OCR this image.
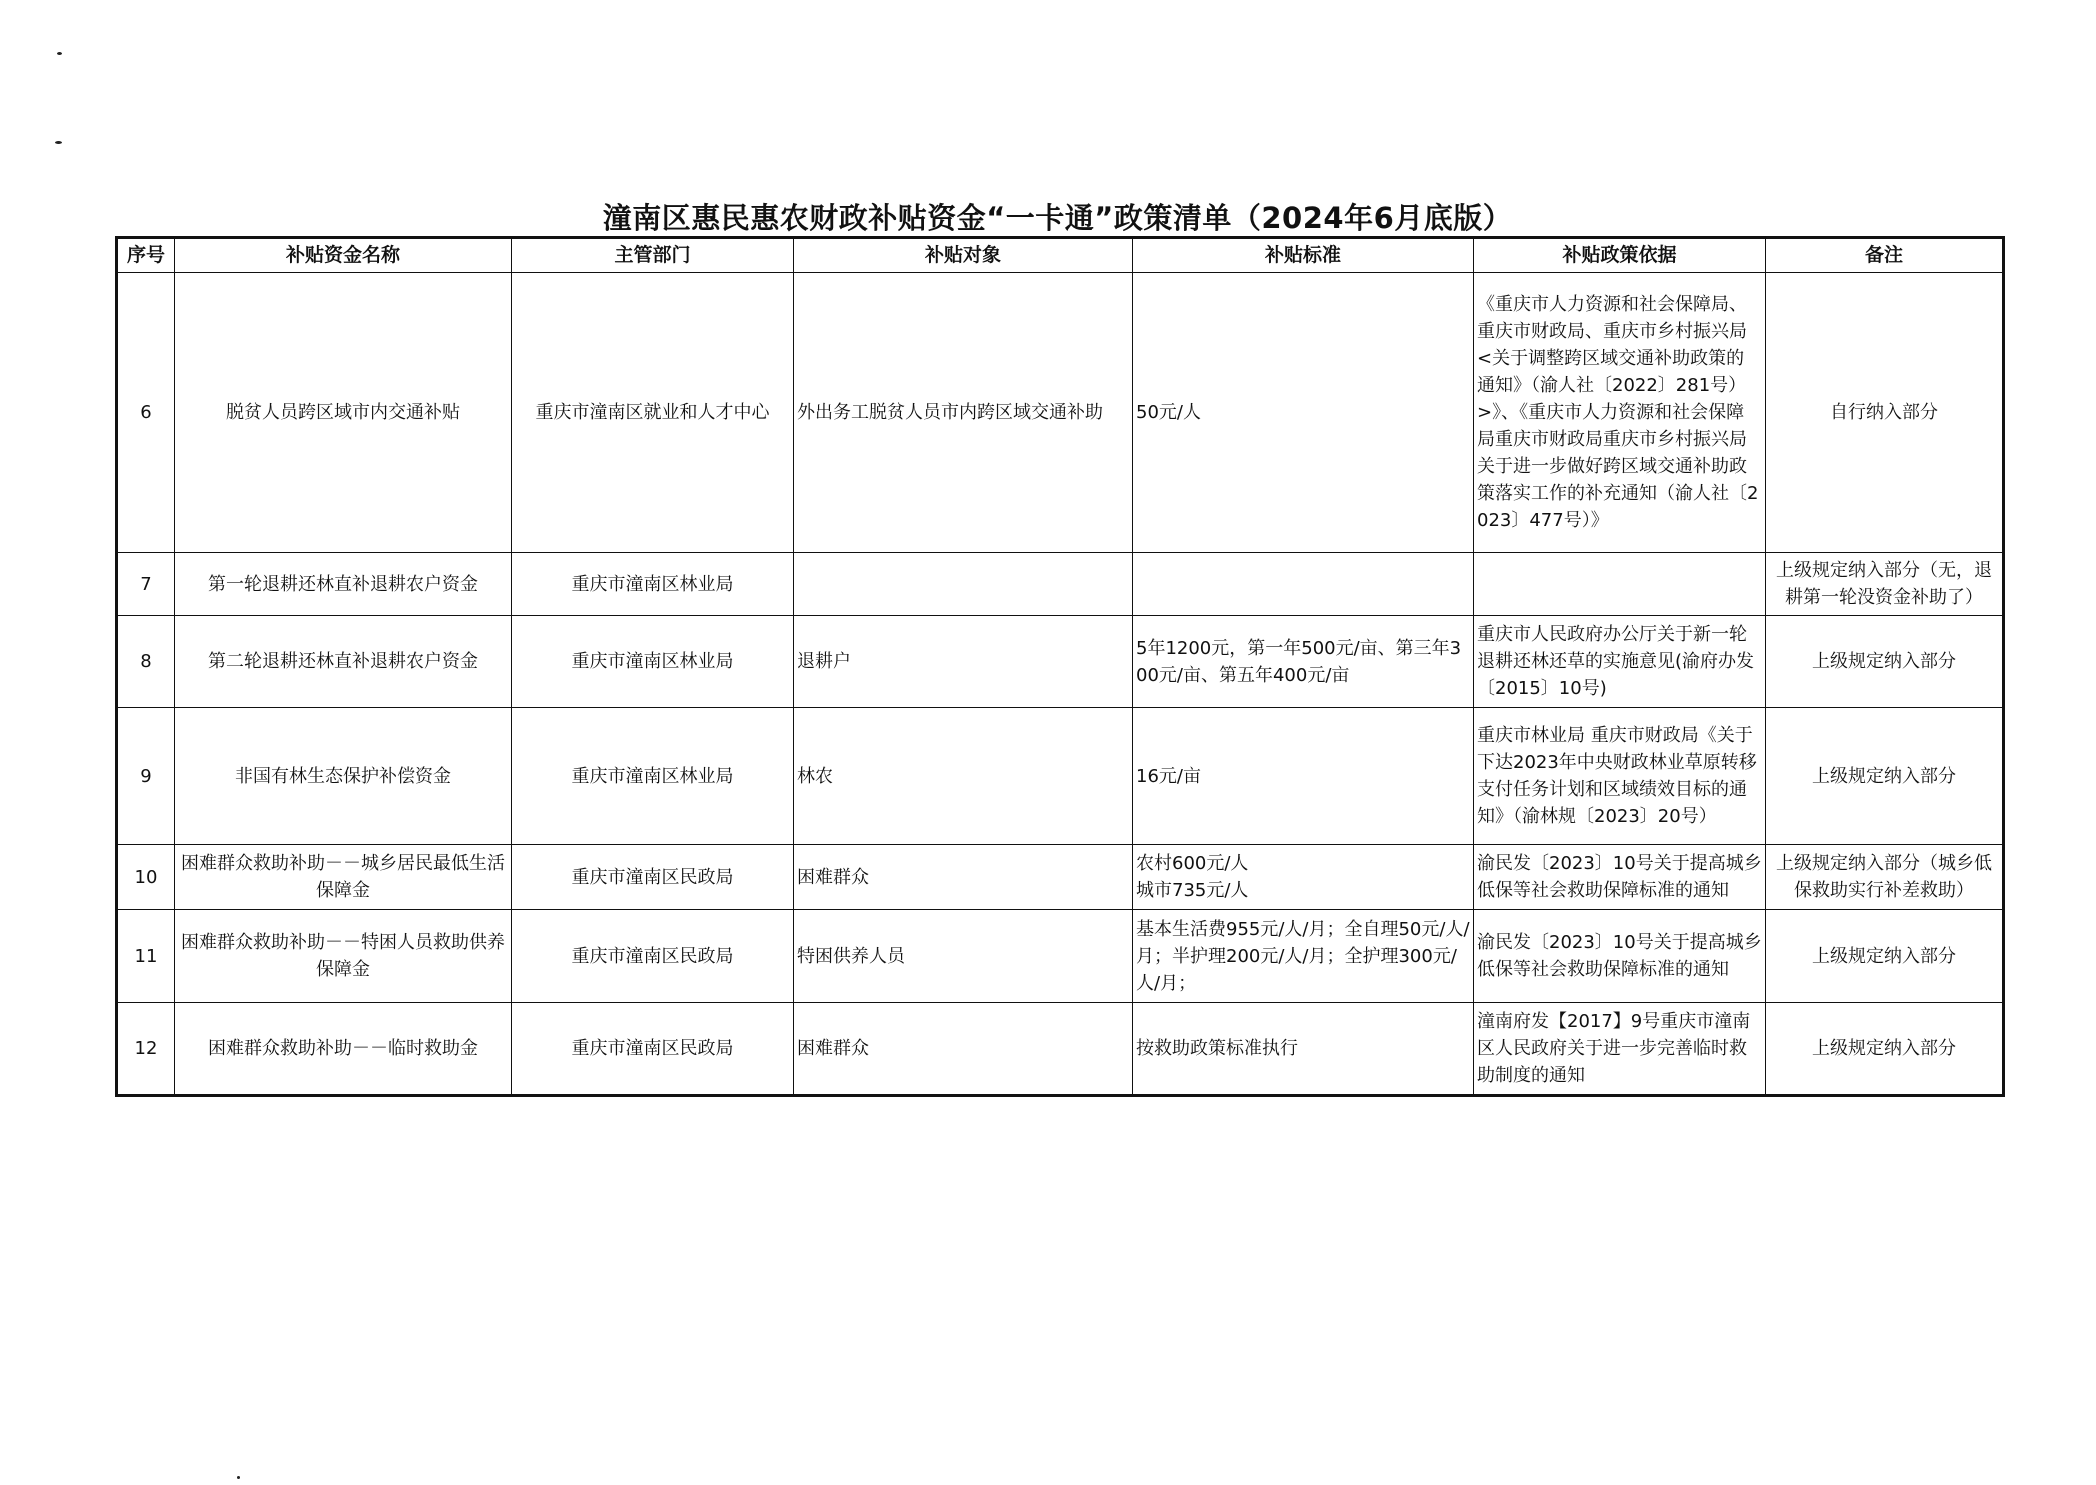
潼南区惠民惠农财政补贴资金“一卡通”政策清单（2024年6月底版）
序号	补贴资金名称	主管部门	补贴对象	补贴标准	补贴政策依据	备注
6	脱贫人员跨区域市内交通补贴	重庆市潼南区就业和人才中心	外出务工脱贫人员市内跨区域交通补助	50元/人	《重庆市人力资源和社会保障局、重庆市财政局、重庆市乡村振兴局<关于调整跨区域交通补助政策的通知》（渝人社〔2022〕281号）>》、《重庆市人力资源和社会保障局重庆市财政局重庆市乡村振兴局关于进一步做好跨区域交通补助政策落实工作的补充通知（渝人社〔2023〕477号）》	自行纳入部分
7	第一轮退耕还林直补退耕农户资金	重庆市潼南区林业局				上级规定纳入部分（无，退耕第一轮没资金补助了）
8	第二轮退耕还林直补退耕农户资金	重庆市潼南区林业局	退耕户	5年1200元，第一年500元/亩、第三年300元/亩、第五年400元/亩	重庆市人民政府办公厅关于新一轮退耕还林还草的实施意见(渝府办发〔2015〕10号)	上级规定纳入部分
9	非国有林生态保护补偿资金	重庆市潼南区林业局	林农	16元/亩	重庆市林业局 重庆市财政局《关于下达2023年中央财政林业草原转移支付任务计划和区域绩效目标的通知》（渝林规〔2023〕20号）	上级规定纳入部分
10	困难群众救助补助－－城乡居民最低生活保障金	重庆市潼南区民政局	困难群众	农村600元/人
城市735元/人	渝民发〔2023〕10号关于提高城乡低保等社会救助保障标准的通知	上级规定纳入部分（城乡低保救助实行补差救助）
11	困难群众救助补助－－特困人员救助供养保障金	重庆市潼南区民政局	特困供养人员	基本生活费955元/人/月；全自理50元/人/月；半护理200元/人/月；全护理300元/人/月；	渝民发〔2023〕10号关于提高城乡低保等社会救助保障标准的通知	上级规定纳入部分
12	困难群众救助补助－－临时救助金	重庆市潼南区民政局	困难群众	按救助政策标准执行	潼南府发【2017】9号重庆市潼南区人民政府关于进一步完善临时救助制度的通知	上级规定纳入部分
